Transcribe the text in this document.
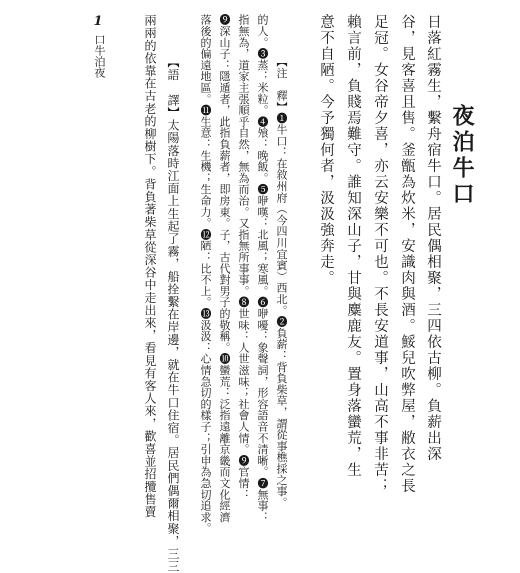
1
口牛泊夜
夜泊牛口
日落紅霧生，繫舟宿牛口。居民偶相聚，三四依古柳。負薪出深
谷，見客喜且售。釜甑為炊米，安識肉與酒。鮾兒吹弊屋，敝衣之長
足冠。女谷帝夕喜，亦云安樂不可也。不長安道事，山高不事非苦；
賴言前，負賤焉難守。誰知深山子，甘與麋鹿友。置身落蠻荒，生
意不自陋。今予獨何者，汲汲強奔走。
【注　釋】❶牛口：在敘州府（今四川宜賓）西北。❷負薪：背負柴草，謂從事樵採之事。
的人。❸蒸：米粒。❹飧：晚飯。❺咿嘆：北風；寒風。❻咿嚘：象聲詞，形容語音不清晰。❼無事：
指無為，道家主張順乎自然，無為而治。又指無所事事。❽世味：人世滋味；社會人情。❾官情：
❾深山子：隱遁者，此指負薪者，即房東。子，古代對男子的敬稱。❿蠻荒：泛指遠離京畿而文化經濟
落後的偏遠地區。⓫生意：生機；生命力。⓬陋：比不上。⓭汲汲：心情急切的樣子；引申為急切追求。
【語　譯】太陽落時江面上生起了霧，船拴繫在岸邊，就在牛口住宿。居民們偶爾相聚，三三
兩兩的依靠在古老的柳樹下。背負著柴草從深谷中走出來，看見有客人來，歡喜並招攬售賣
